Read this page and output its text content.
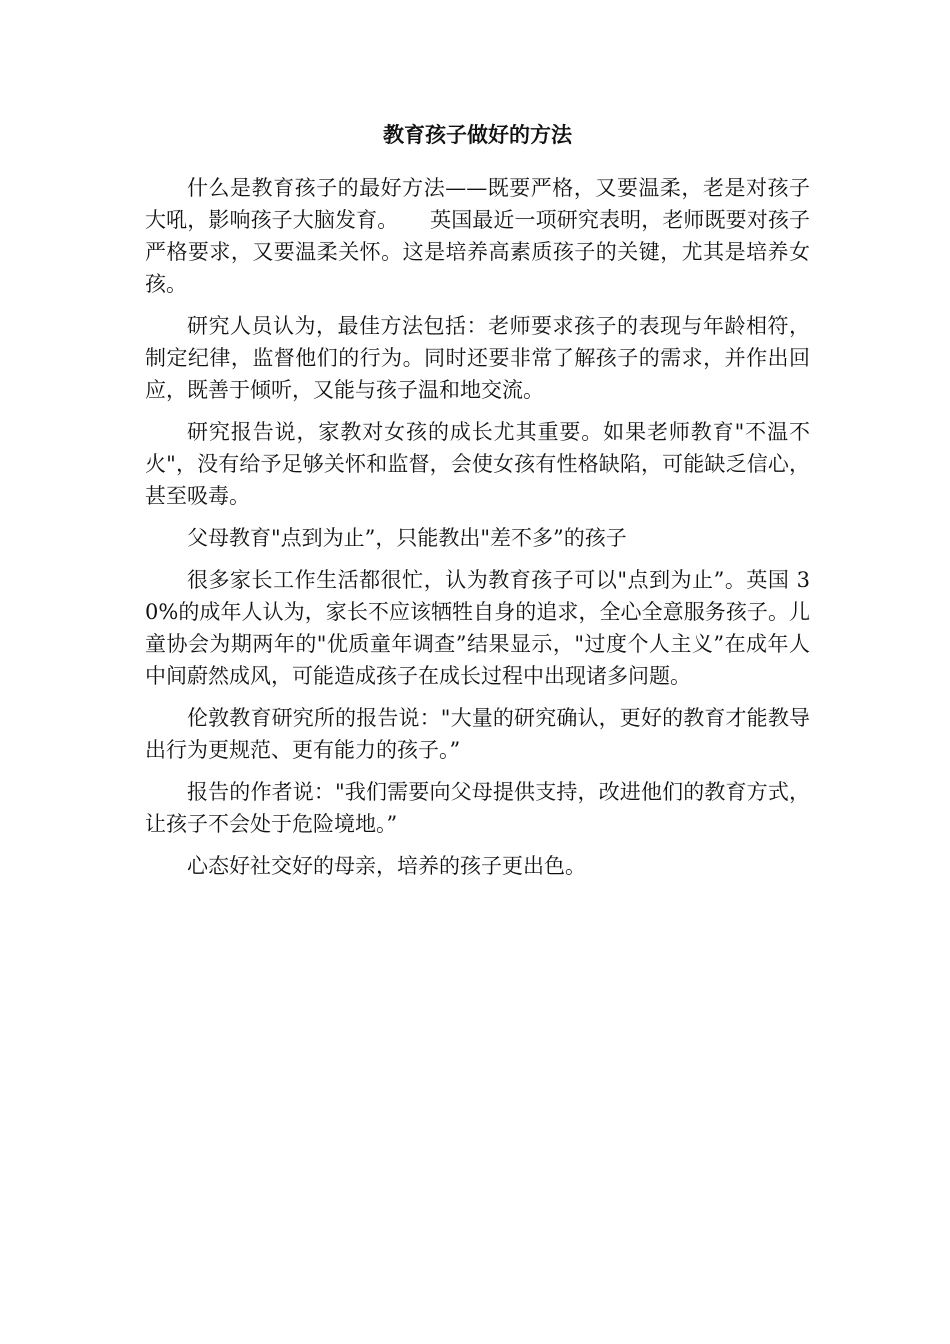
教育孩子做好的方法

什么是教育孩子的最好方法——既要严格，又要温柔，老是对孩子大吼，影响孩子大脑发育。　　英国最近一项研究表明，老师既要对孩子严格要求，又要温柔关怀。这是培养高素质孩子的关键，尤其是培养女孩。

研究人员认为，最佳方法包括：老师要求孩子的表现与年龄相符，制定纪律，监督他们的行为。同时还要非常了解孩子的需求，并作出回应，既善于倾听，又能与孩子温和地交流。

研究报告说，家教对女孩的成长尤其重要。如果老师教育"不温不火"，没有给予足够关怀和监督，会使女孩有性格缺陷，可能缺乏信心，甚至吸毒。

父母教育"点到为止”，只能教出"差不多”的孩子

很多家长工作生活都很忙，认为教育孩子可以"点到为止”。英国 30%的成年人认为，家长不应该牺牲自身的追求，全心全意服务孩子。儿童协会为期两年的"优质童年调查”结果显示，"过度个人主义”在成年人中间蔚然成风，可能造成孩子在成长过程中出现诸多问题。

伦敦教育研究所的报告说："大量的研究确认，更好的教育才能教导出行为更规范、更有能力的孩子。”

报告的作者说："我们需要向父母提供支持，改进他们的教育方式，让孩子不会处于危险境地。”

心态好社交好的母亲，培养的孩子更出色。
